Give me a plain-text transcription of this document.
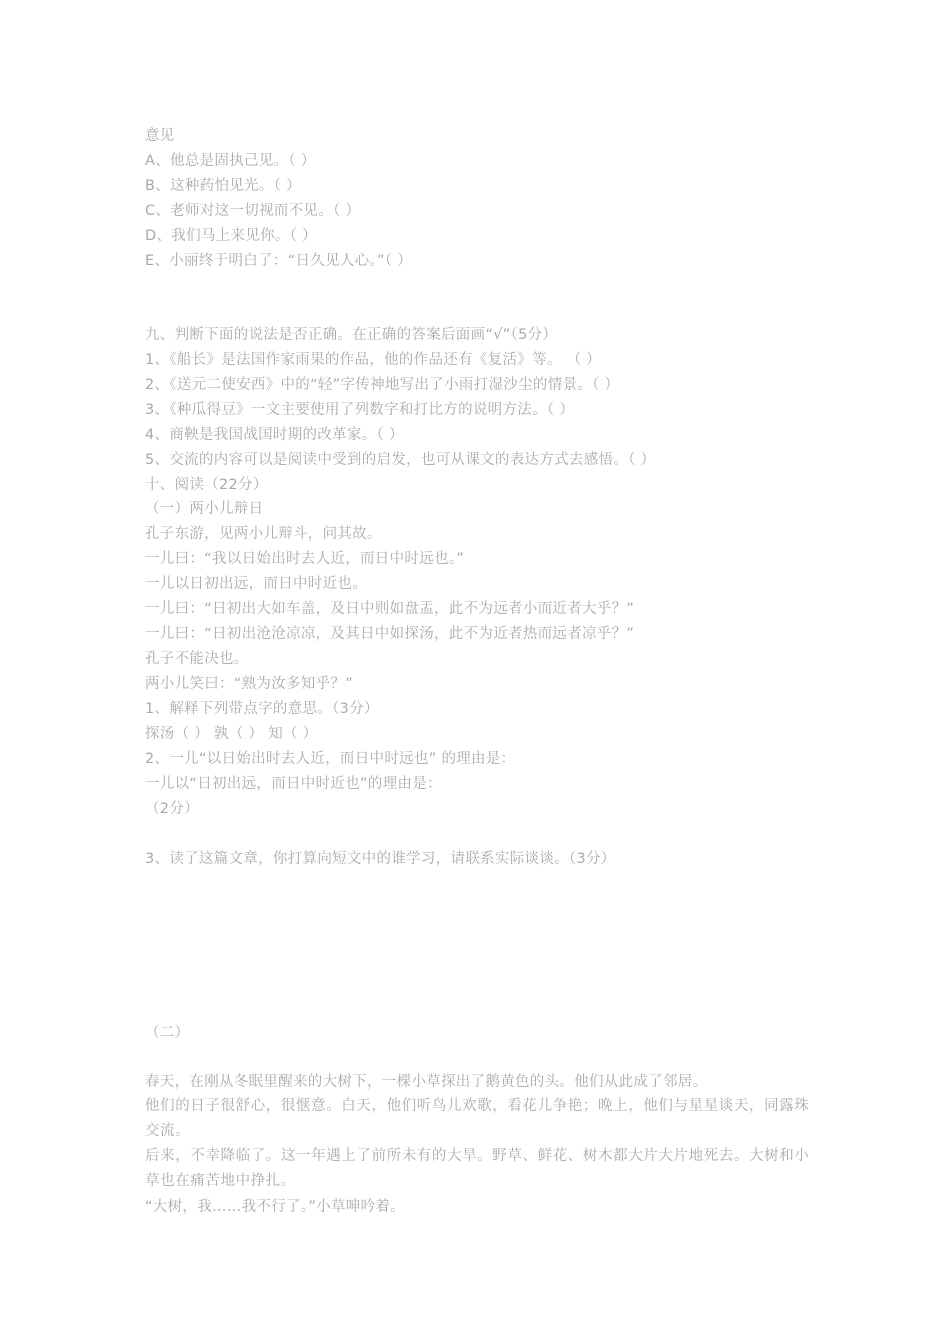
意见
A、他总是固执己见。（ ）
B、这种药怕见光。（ ）
C、老师对这一切视而不见。（ ）
D、我们马上来见你。（ ）
E、小丽终于明白了：“日久见人心。”（ ）
九、判断下面的说法是否正确。在正确的答案后面画“√”（5分）
1、《船长》是法国作家雨果的作品，他的作品还有《复活》等。 （ ）
2、《送元二使安西》中的“轻”字传神地写出了小雨打湿沙尘的情景。（ ）
3、《种瓜得豆》一文主要使用了列数字和打比方的说明方法。（ ）
4、商鞅是我国战国时期的改革家。（ ）
5、交流的内容可以是阅读中受到的启发，也可从课文的表达方式去感悟。（ ）
十、阅读（22分）
（一）两小儿辩日
孔子东游，见两小儿辩斗，问其故。
一儿曰：“我以日始出时去人近，而日中时远也。”
一儿以日初出远，而日中时近也。
一儿曰：“日初出大如车盖，及日中则如盘盂，此不为远者小而近者大乎？”
一儿曰：“日初出沧沧凉凉，及其日中如探汤，此不为近者热而远者凉乎？”
孔子不能决也。
两小儿笑曰：“熟为汝多知乎？”
1、解释下列带点字的意思。（3分）
探汤（ ） 孰（ ） 知（ ）
2、一儿“以日始出时去人近，而日中时远也” 的理由是：
一儿以“日初出远，而日中时近也”的理由是：
（2分）
3、读了这篇文章，你打算向短文中的谁学习，请联系实际谈谈。（3分）
（二）
春天，在刚从冬眠里醒来的大树下，一棵小草探出了鹅黄色的头。他们从此成了邻居。
他们的日子很舒心，很惬意。白天，他们听鸟儿欢歌，看花儿争艳；晚上，他们与星星谈天，同露珠交流。
后来，不幸降临了。这一年遇上了前所未有的大旱。野草、鲜花、树木都大片大片地死去。大树和小草也在痛苦地中挣扎。
“大树，我……我不行了。”小草呻吟着。
